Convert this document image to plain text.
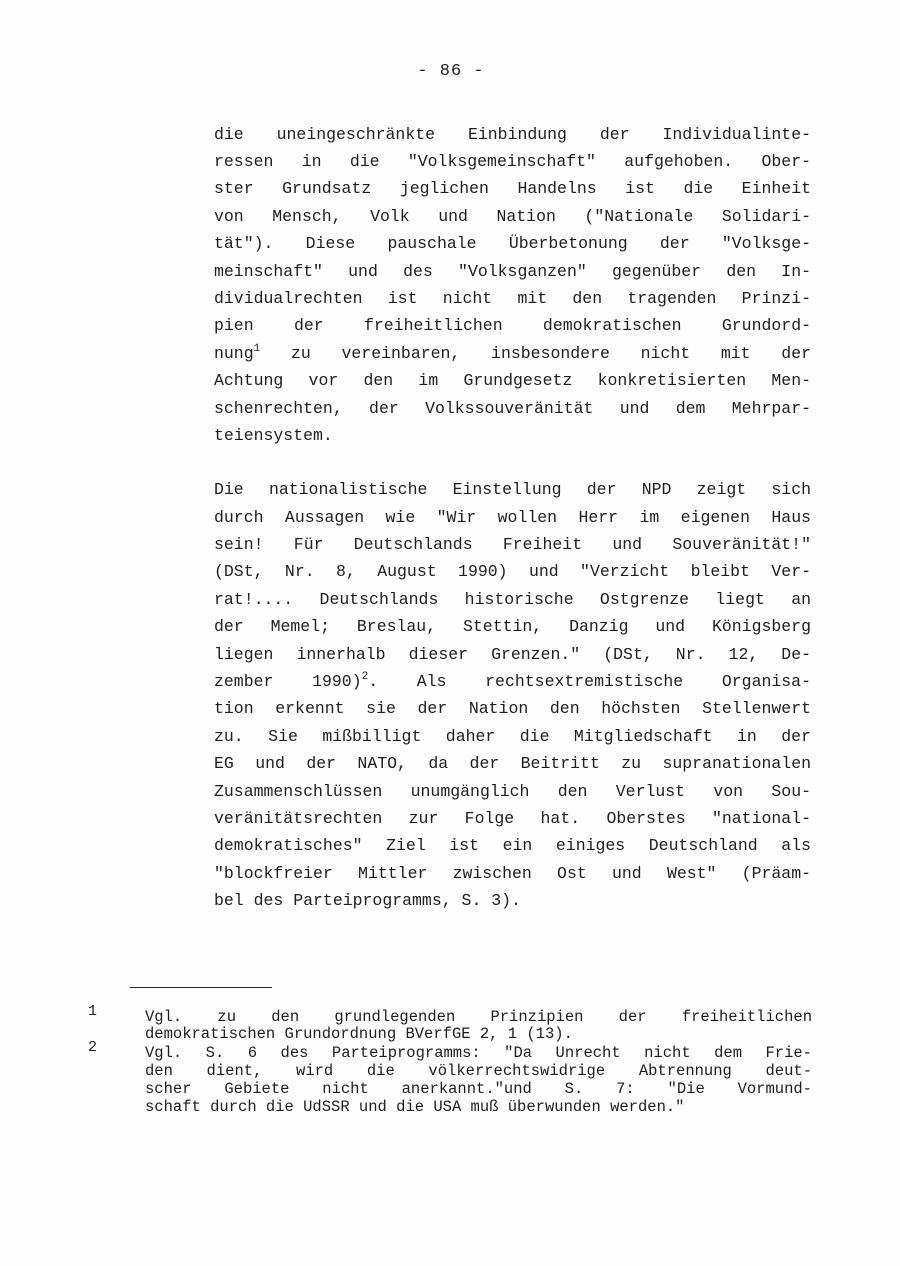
- 86 -
die uneingeschränkte Einbindung der Individualinte-
ressen in die "Volksgemeinschaft" aufgehoben. Ober-
ster Grundsatz jeglichen Handelns ist die Einheit
von Mensch, Volk und Nation ("Nationale Solidari-
tät"). Diese pauschale Überbetonung der "Volksge-
meinschaft" und des "Volksganzen" gegenüber den In-
dividualrechten ist nicht mit den tragenden Prinzi-
pien der freiheitlichen demokratischen Grundord-
nung$^1$ zu vereinbaren, insbesondere nicht mit der
Achtung vor den im Grundgesetz konkretisierten Men-
schenrechten, der Volkssouveränität und dem Mehrpar-
teiensystem.
Die nationalistische Einstellung der NPD zeigt sich
durch Aussagen wie "Wir wollen Herr im eigenen Haus
sein! Für Deutschlands Freiheit und Souveränität!"
(DSt, Nr. 8, August 1990) und "Verzicht bleibt Ver-
rat!.... Deutschlands historische Ostgrenze liegt an
der Memel; Breslau, Stettin, Danzig und Königsberg
liegen innerhalb dieser Grenzen." (DSt, Nr. 12, De-
zember 1990)$^2$. Als rechtsextremistische Organisa-
tion erkennt sie der Nation den höchsten Stellenwert
zu. Sie mißbilligt daher die Mitgliedschaft in der
EG und der NATO, da der Beitritt zu supranationalen
Zusammenschlüssen unumgänglich den Verlust von Sou-
veränitätsrechten zur Folge hat. Oberstes "national-
demokratisches" Ziel ist ein einiges Deutschland als
"blockfreier Mittler zwischen Ost und West" (Präam-
bel des Parteiprogramms, S. 3).
1	Vgl. zu den grundlegenden Prinzipien der freiheitlichen
demokratischen Grundordnung BVerfGE 2, 1 (13).
2	Vgl. S. 6 des Parteiprogramms: "Da Unrecht nicht dem Frie-
den dient, wird die völkerrechtswidrige Abtrennung deut-
scher Gebiete nicht anerkannt."und S. 7: "Die Vormund-
schaft durch die UdSSR und die USA muß überwunden werden."
